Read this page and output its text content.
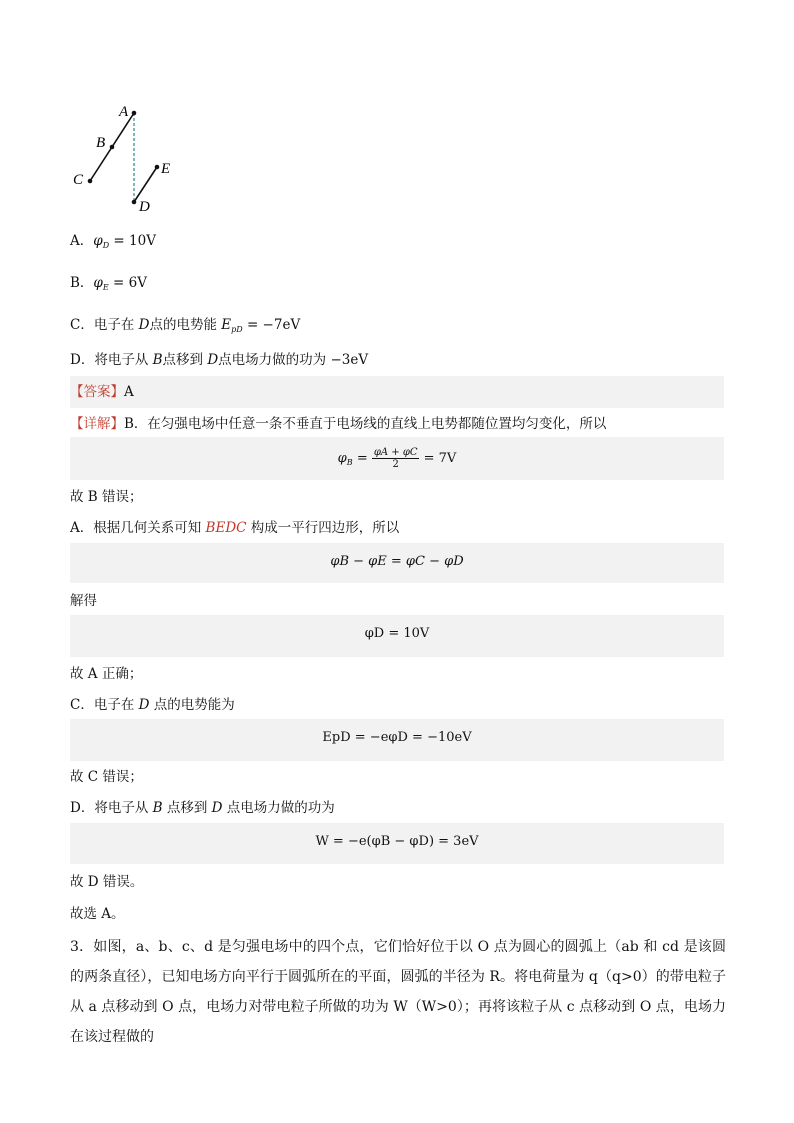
A
B
C
D
E
A．$\varphi_D = 10V$
B．$\varphi_E = 6V$
C．电子在 D点的电势能 $E_{pD} = -7eV$
D．将电子从 B点移到 D点电场力做的功为 −3eV
【答案】A
【详解】B．在匀强电场中任意一条不垂直于电场线的直线上电势都随位置均匀变化，所以
$\varphi_B = \frac{\varphi A + \varphi C}{2} = 7V$
故 B 错误；
A．根据几何关系可知 BEDC 构成一平行四边形，所以
φB − φE = φC − φD
解得
φD = 10V
故 A 正确；
C．电子在 D 点的电势能为
EpD = −eφD = −10eV
故 C 错误；
D．将电子从 B 点移到 D 点电场力做的功为
W = −e(φB − φD) = 3eV
故 D 错误。
故选 A。
3．如图，a、b、c、d 是匀强电场中的四个点，它们恰好位于以 O 点为圆心的圆弧上（ab 和 cd 是该圆的两条直径），已知电场方向平行于圆弧所在的平面，圆弧的半径为 R。将电荷量为 q（q>0）的带电粒子从 a 点移动到 O 点，电场力对带电粒子所做的功为 W（W>0）；再将该粒子从 c 点移动到 O 点，电场力在该过程做的
